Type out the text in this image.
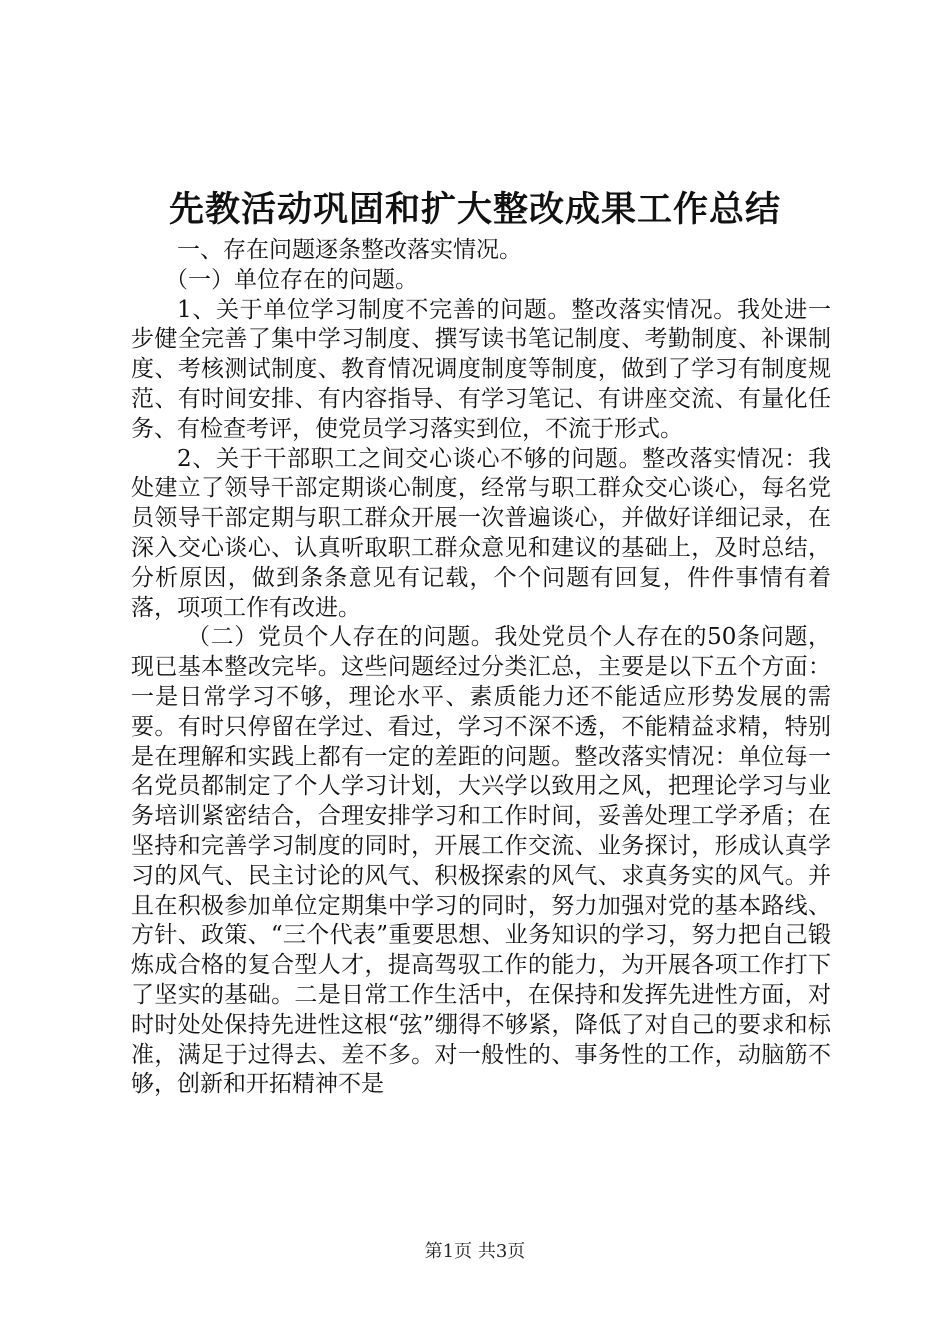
先教活动巩固和扩大整改成果工作总结

一、存在问题逐条整改落实情况。

（一）单位存在的问题。

1、关于单位学习制度不完善的问题。整改落实情况。我处进一步健全完善了集中学习制度、撰写读书笔记制度、考勤制度、补课制度、考核测试制度、教育情况调度制度等制度，做到了学习有制度规范、有时间安排、有内容指导、有学习笔记、有讲座交流、有量化任务、有检查考评，使党员学习落实到位，不流于形式。

2、关于干部职工之间交心谈心不够的问题。整改落实情况：我处建立了领导干部定期谈心制度，经常与职工群众交心谈心，每名党员领导干部定期与职工群众开展一次普遍谈心，并做好详细记录，在深入交心谈心、认真听取职工群众意见和建议的基础上，及时总结，分析原因，做到条条意见有记载，个个问题有回复，件件事情有着落，项项工作有改进。

（二）党员个人存在的问题。我处党员个人存在的50条问题，现已基本整改完毕。这些问题经过分类汇总，主要是以下五个方面：一是日常学习不够，理论水平、素质能力还不能适应形势发展的需要。有时只停留在学过、看过，学习不深不透，不能精益求精，特别是在理解和实践上都有一定的差距的问题。整改落实情况：单位每一名党员都制定了个人学习计划，大兴学以致用之风，把理论学习与业务培训紧密结合，合理安排学习和工作时间，妥善处理工学矛盾；在坚持和完善学习制度的同时，开展工作交流、业务探讨，形成认真学习的风气、民主讨论的风气、积极探索的风气、求真务实的风气。并且在积极参加单位定期集中学习的同时，努力加强对党的基本路线、方针、政策、“三个代表”重要思想、业务知识的学习，努力把自己锻炼成合格的复合型人才，提高驾驭工作的能力，为开展各项工作打下了坚实的基础。二是日常工作生活中，在保持和发挥先进性方面，对时时处处保持先进性这根“弦”绷得不够紧，降低了对自己的要求和标准，满足于过得去、差不多。对一般性的、事务性的工作，动脑筋不够，创新和开拓精神不是

第1页 共3页
